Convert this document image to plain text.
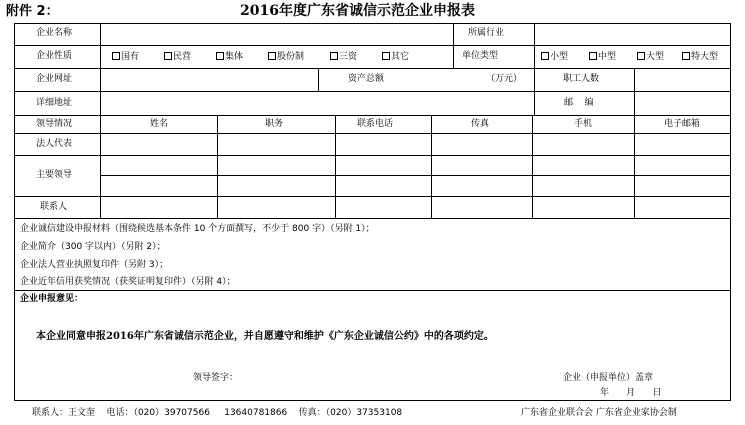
附件 2：	2016年度广东省诚信示范企业申报表
企业名称	所属行业
企业性质	国有	民营	集体	股份制	三资	其它	单位类型	小型	中型	大型	特大型
企业网址	资产总额	（万元）	职工人数
详细地址	邮    编
领导情况	姓名	职务	联系电话	传真	手机	电子邮箱
法人代表
主要领导
联系人
企业诚信建设申报材料（围绕候选基本条件 10 个方面撰写，不少于 800 字）（另附 1）；
企业简介（300 字以内）（另附 2）；
企业法人营业执照复印件（另附 3）；
企业近年信用获奖情况（获奖证明复印件）（另附 4）；
企业申报意见：
本企业同意申报2016年广东省诚信示范企业，并自愿遵守和维护《广东企业诚信公约》中的各项约定。
领导签字：	企业（申报单位）盖章
年      月      日
联系人：王文奎    电话：（020）39707566     13640781866    传真：（020）37353108	广东省企业联合会 广东省企业家协会制
